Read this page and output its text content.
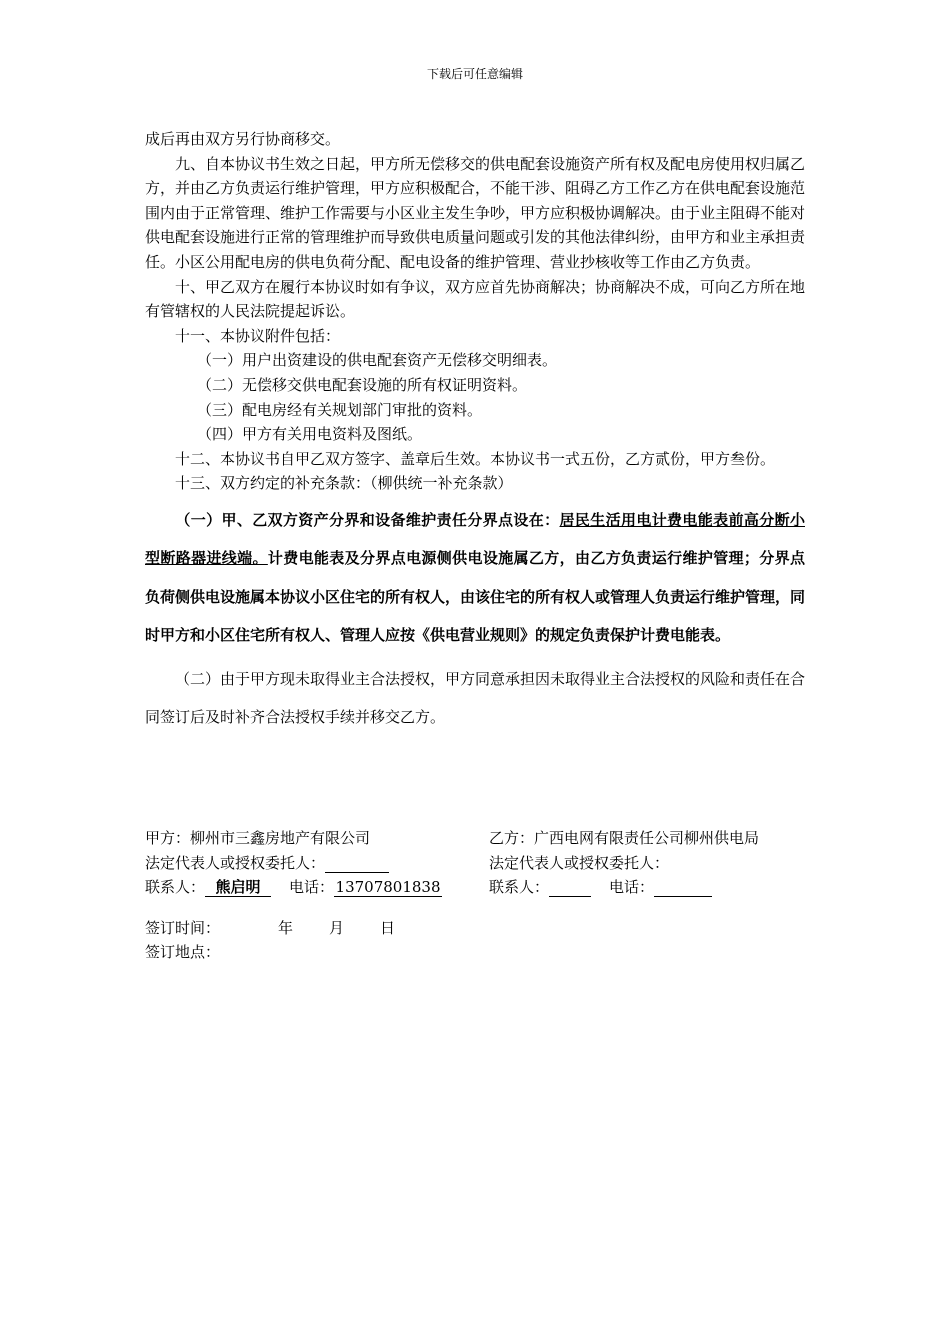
下载后可任意编辑

成后再由双方另行协商移交。

九、自本协议书生效之日起，甲方所无偿移交的供电配套设施资产所有权及配电房使用权归属乙方，并由乙方负责运行维护管理，甲方应积极配合，不能干涉、阻碍乙方工作乙方在供电配套设施范围内由于正常管理、维护工作需要与小区业主发生争吵，甲方应积极协调解决。由于业主阻碍不能对供电配套设施进行正常的管理维护而导致供电质量问题或引发的其他法律纠纷，由甲方和业主承担责任。小区公用配电房的供电负荷分配、配电设备的维护管理、营业抄核收等工作由乙方负责。

十、甲乙双方在履行本协议时如有争议，双方应首先协商解决；协商解决不成，可向乙方所在地有管辖权的人民法院提起诉讼。

十一、本协议附件包括：

（一）用户出资建设的供电配套资产无偿移交明细表。

（二）无偿移交供电配套设施的所有权证明资料。

（三）配电房经有关规划部门审批的资料。

（四）甲方有关用电资料及图纸。

十二、本协议书自甲乙双方签字、盖章后生效。本协议书一式五份，乙方贰份，甲方叁份。

十三、双方约定的补充条款：（柳供统一补充条款）

（一）甲、乙双方资产分界和设备维护责任分界点设在：居民生活用电计费电能表前高分断小型断路器进线端。计费电能表及分界点电源侧供电设施属乙方，由乙方负责运行维护管理；分界点负荷侧供电设施属本协议小区住宅的所有权人，由该住宅的所有权人或管理人负责运行维护管理，同时甲方和小区住宅所有权人、管理人应按《供电营业规则》的规定负责保护计费电能表。

（二）由于甲方现未取得业主合法授权，甲方同意承担因未取得业主合法授权的风险和责任在合同签订后及时补齐合法授权手续并移交乙方。

甲方：柳州市三鑫房地产有限公司	乙方：广西电网有限责任公司柳州供电局
法定代表人或授权委托人：	法定代表人或授权委托人：
联系人： 熊启明 电话： 13707801838	联系人：	电话：
签订时间：	年 月 日
签订地点：
